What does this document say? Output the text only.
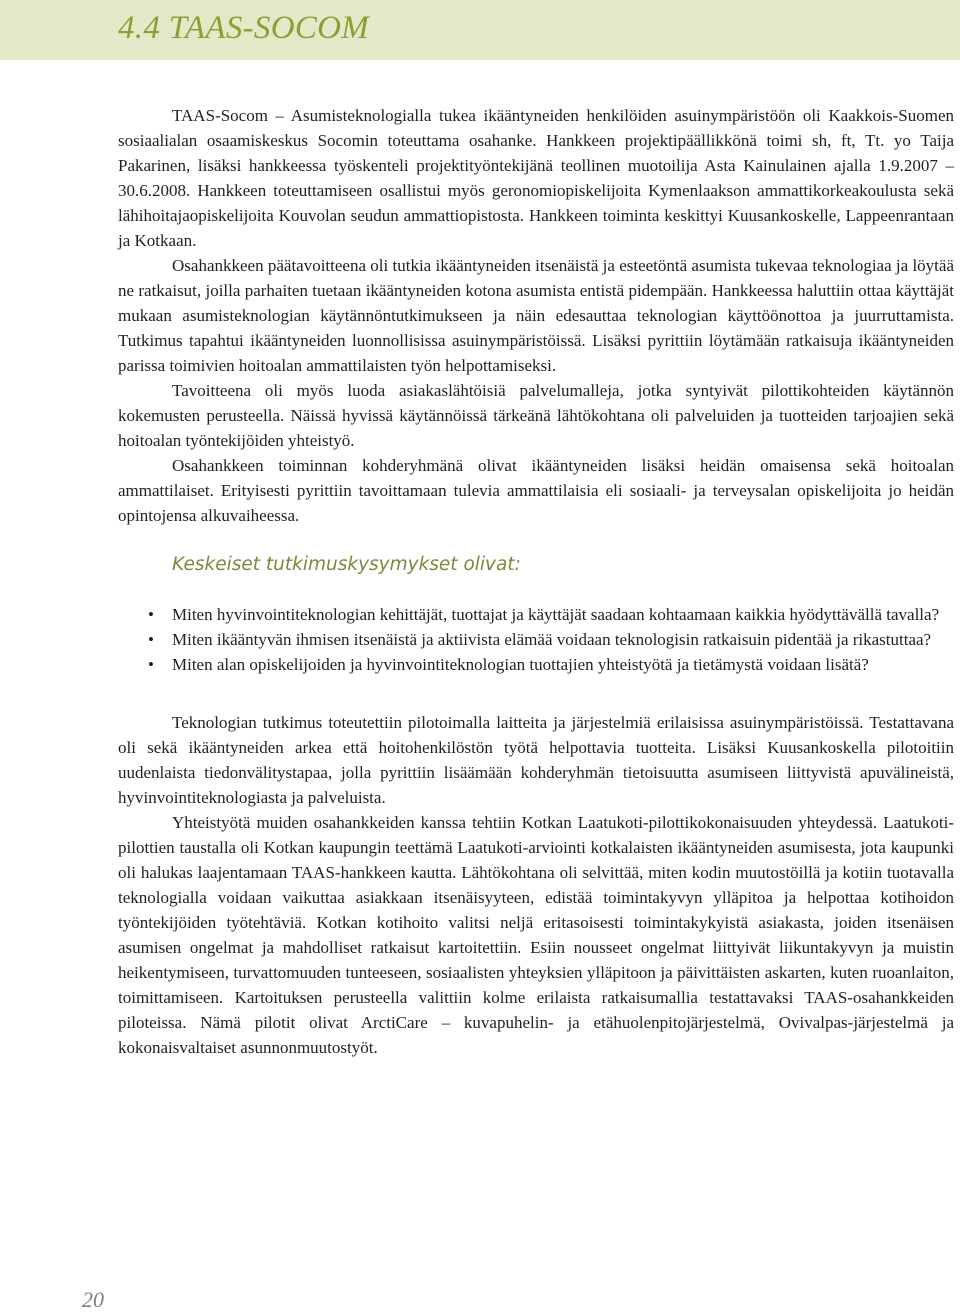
4.4 TAAS-SOCOM

TAAS-Socom – Asumisteknologialla tukea ikääntyneiden henkilöiden asuinympäristöön oli Kaakkois-Suomen sosiaalialan osaamiskeskus Socomin toteuttama osahanke. Hankkeen projektipäällikkönä toimi sh, ft, Tt. yo Taija Pakarinen, lisäksi hankkeessa työskenteli projektityöntekijänä teollinen muotoilija Asta Kainulainen ajalla 1.9.2007 – 30.6.2008. Hankkeen toteuttamiseen osallistui myös geronomiopiskelijoita Kymenlaakson ammattikorkeakoulusta sekä lähihoitajaopiskelijoita Kouvolan seudun ammattiopistosta. Hankkeen toiminta keskittyi Kuusankoskelle, Lappeenrantaan ja Kotkaan.

Osahankkeen päätavoitteena oli tutkia ikääntyneiden itsenäistä ja esteetöntä asumista tukevaa teknologiaa ja löytää ne ratkaisut, joilla parhaiten tuetaan ikääntyneiden kotona asumista entistä pidempään. Hankkeessa haluttiin ottaa käyttäjät mukaan asumisteknologian käytännöntutkimukseen ja näin edesauttaa teknologian käyttöönottoa ja juurruttamista. Tutkimus tapahtui ikääntyneiden luonnollisissa asuinympäristöissä. Lisäksi pyrittiin löytämään ratkaisuja ikääntyneiden parissa toimivien hoitoalan ammattilaisten työn helpottamiseksi.

Tavoitteena oli myös luoda asiakaslähtöisiä palvelumalleja, jotka syntyivät pilottikohteiden käytännön kokemusten perusteella. Näissä hyvissä käytännöissä tärkeänä lähtökohtana oli palveluiden ja tuotteiden tarjoajien sekä hoitoalan työntekijöiden yhteistyö.

Osahankkeen toiminnan kohderyhmänä olivat ikääntyneiden lisäksi heidän omaisensa sekä hoitoalan ammattilaiset. Erityisesti pyrittiin tavoittamaan tulevia ammattilaisia eli sosiaali- ja terveysalan opiskelijoita jo heidän opintojensa alkuvaiheessa.

Keskeiset tutkimuskysymykset olivat:
• Miten hyvinvointiteknologian kehittäjät, tuottajat ja käyttäjät saadaan kohtaamaan kaikkia hyödyttävällä tavalla?
• Miten ikääntyvän ihmisen itsenäistä ja aktiivista elämää voidaan teknologisin ratkaisuin pidentää ja rikastuttaa?
• Miten alan opiskelijoiden ja hyvinvointiteknologian tuottajien yhteistyötä ja tietämystä voidaan lisätä?

Teknologian tutkimus toteutettiin pilotoimalla laitteita ja järjestelmiä erilaisissa asuinympäristöissä. Testattavana oli sekä ikääntyneiden arkea että hoitohenkilöstön työtä helpottavia tuotteita. Lisäksi Kuusankoskella pilotoitiin uudenlaista tiedonvälitystapaa, jolla pyrittiin lisäämään kohderyhmän tietoisuutta asumiseen liittyvistä apuvälineistä, hyvinvointiteknologiasta ja palveluista.

Yhteistyötä muiden osahankkeiden kanssa tehtiin Kotkan Laatukoti-pilottikokonaisuuden yhteydessä. Laatukoti-pilottien taustalla oli Kotkan kaupungin teettämä Laatukoti-arviointi kotkalaisten ikääntyneiden asumisesta, jota kaupunki oli halukas laajentamaan TAAS-hankkeen kautta. Lähtökohtana oli selvittää, miten kodin muutostöillä ja kotiin tuotavalla teknologialla voidaan vaikuttaa asiakkaan itsenäisyyteen, edistää toimintakyvyn ylläpitoa ja helpottaa kotihoidon työntekijöiden työtehtäviä. Kotkan kotihoito valitsi neljä eritasoisesti toimintakykyistä asiakasta, joiden itsenäisen asumisen ongelmat ja mahdolliset ratkaisut kartoitettiin. Esiin nousseet ongelmat liittyivät liikuntakyvyn ja muistin heikentymiseen, turvattomuuden tunteeseen, sosiaalisten yhteyksien ylläpitoon ja päivittäisten askarten, kuten ruoanlaiton, toimittamiseen. Kartoituksen perusteella valittiin kolme erilaista ratkaisumallia testattavaksi TAAS-osahankkeiden piloteissa. Nämä pilotit olivat ArctiCare – kuvapuhelin- ja etähuolenpitojärjestelmä, Ovivalpas-järjestelmä ja kokonaisvaltaiset asunnonmuutostyöt.

20
